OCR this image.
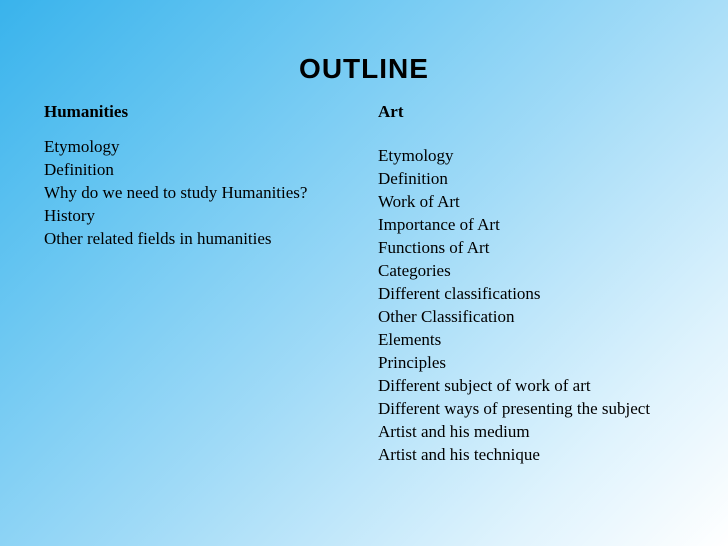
OUTLINE
Humanities
Etymology
Definition
Why do we need to study Humanities?
History
Other related fields in humanities
Art
Etymology
Definition
Work of Art
Importance of Art
Functions of Art
Categories
Different classifications
Other Classification
Elements
Principles
Different subject of work of art
Different ways of presenting the subject
Artist and his medium
Artist and his technique
